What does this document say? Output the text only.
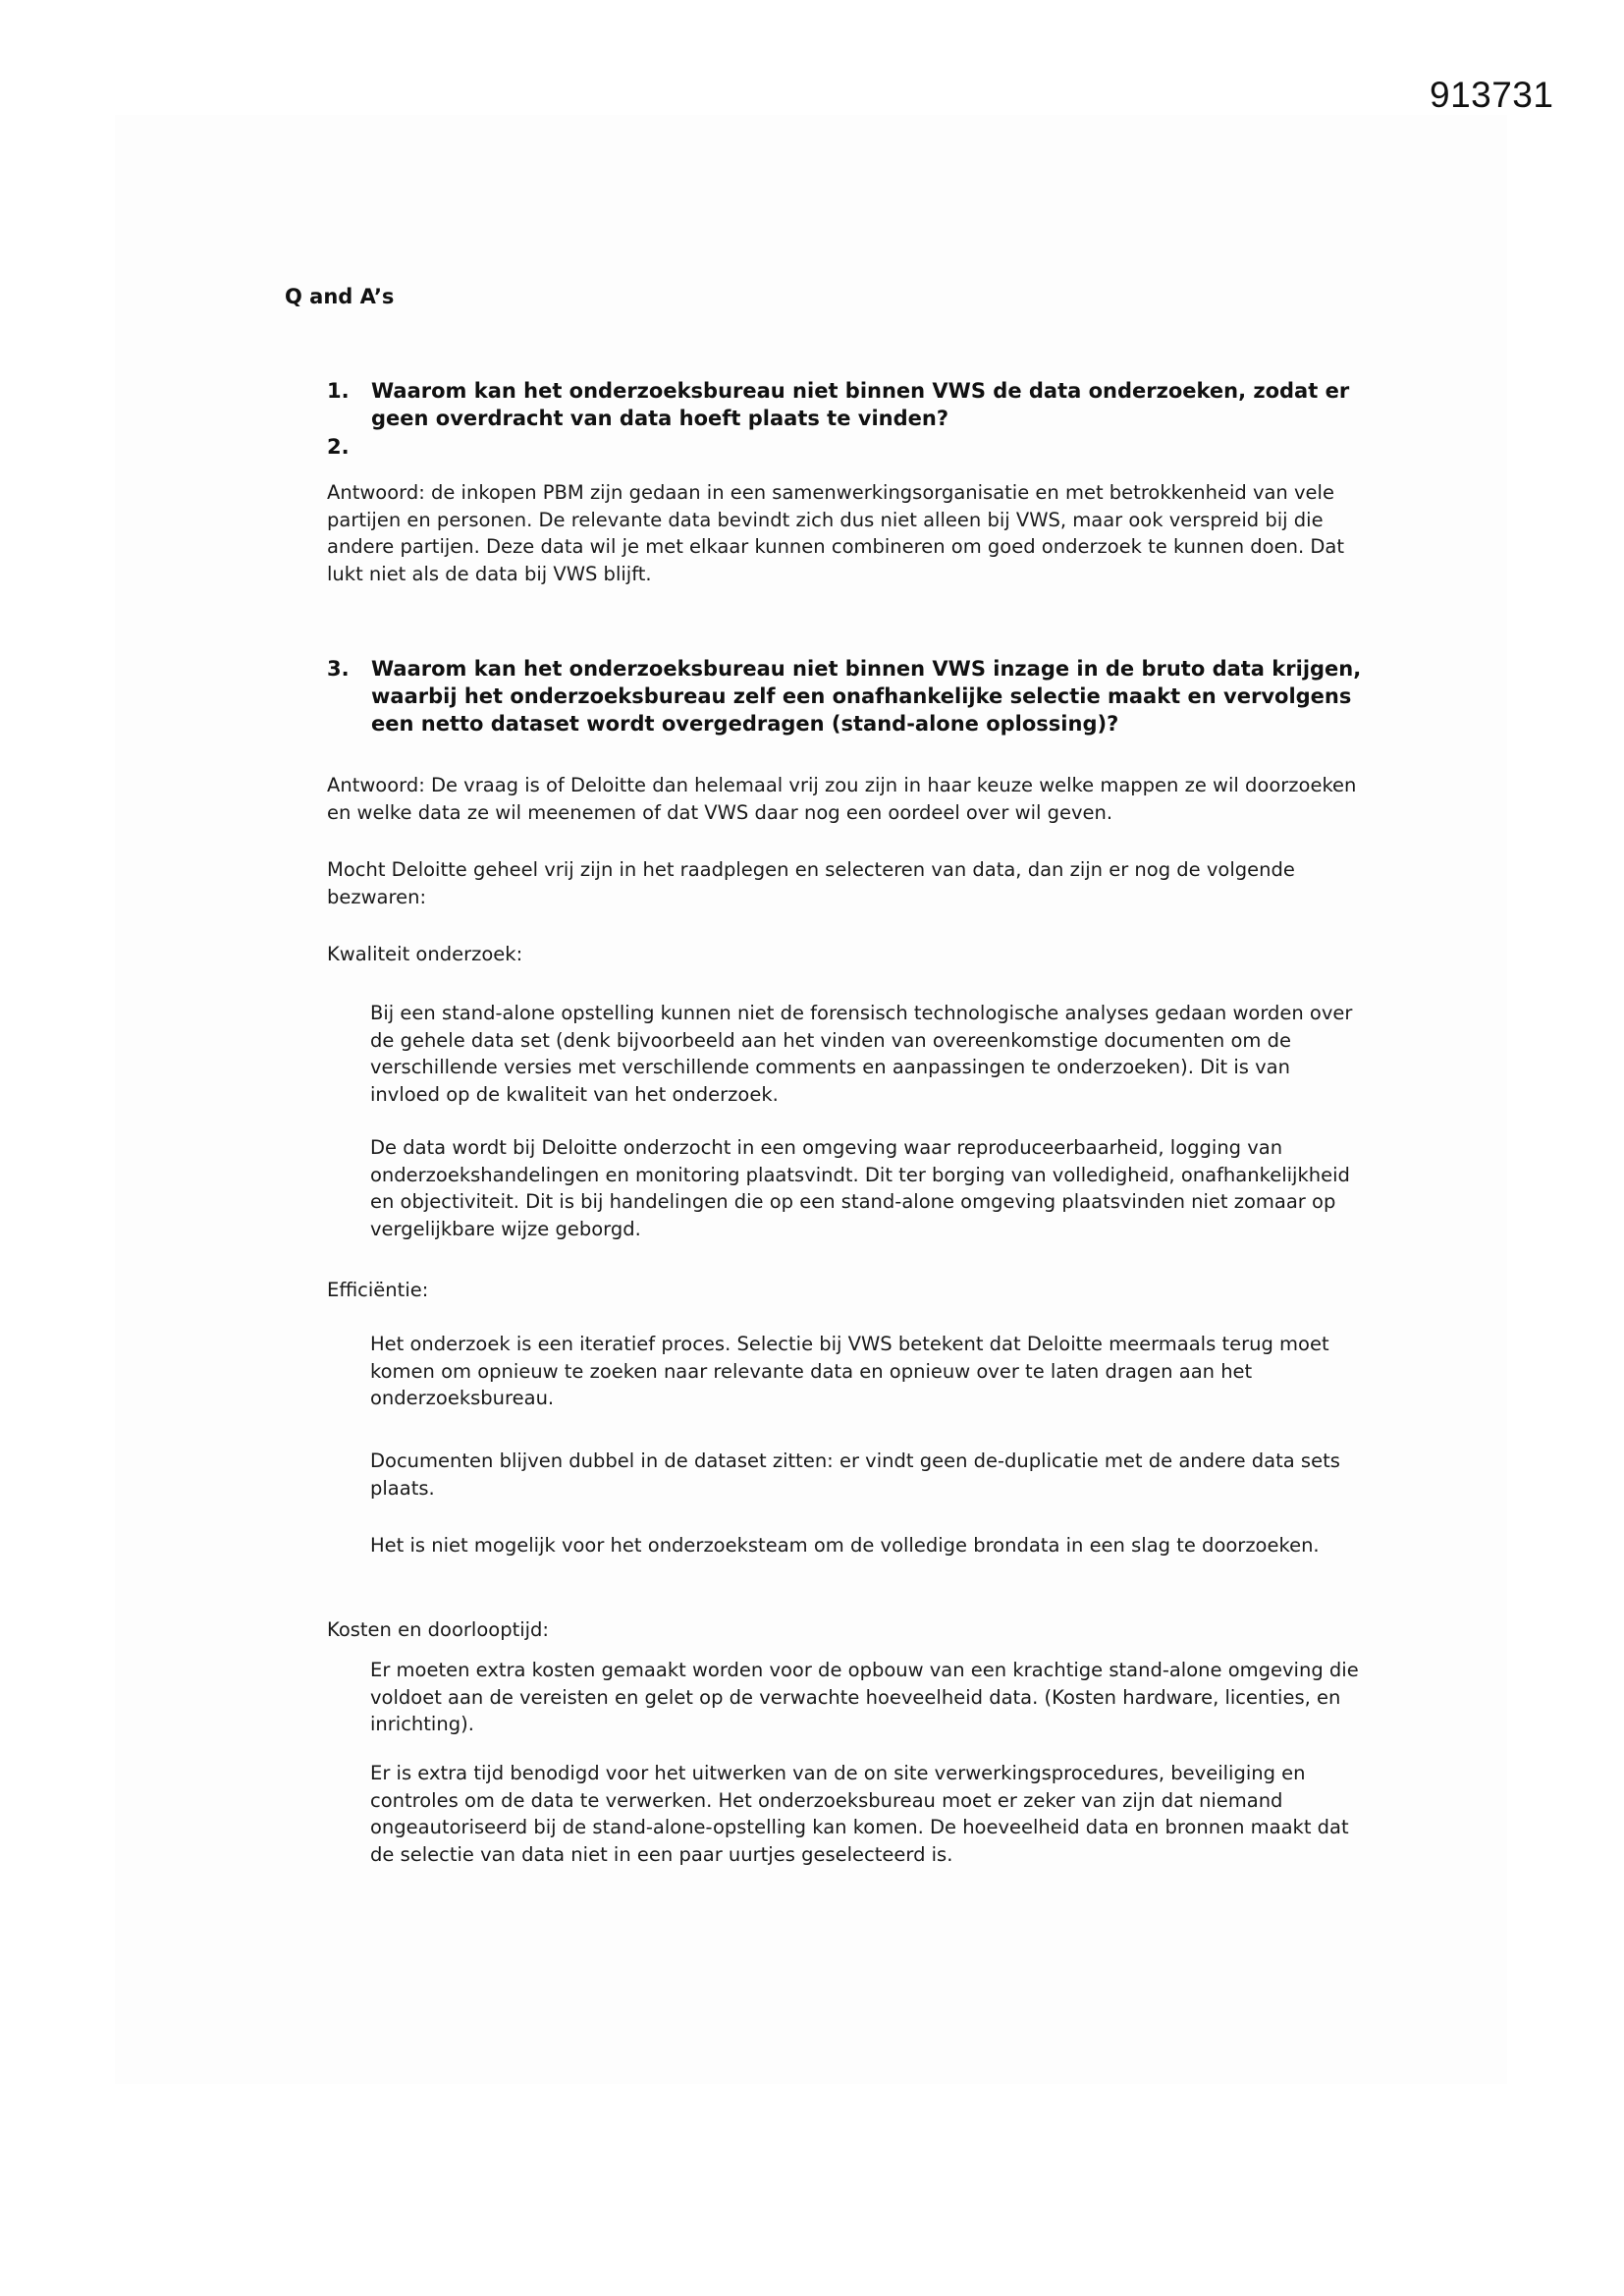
913731
Q and A’s
1. Waarom kan het onderzoeksbureau niet binnen VWS de data onderzoeken, zodat er geen overdracht van data hoeft plaats te vinden?
2.
Antwoord: de inkopen PBM zijn gedaan in een samenwerkingsorganisatie en met betrokkenheid van vele partijen en personen. De relevante data bevindt zich dus niet alleen bij VWS, maar ook verspreid bij die andere partijen. Deze data wil je met elkaar kunnen combineren om goed onderzoek te kunnen doen. Dat lukt niet als de data bij VWS blijft.
3. Waarom kan het onderzoeksbureau niet binnen VWS inzage in de bruto data krijgen, waarbij het onderzoeksbureau zelf een onafhankelijke selectie maakt en vervolgens een netto dataset wordt overgedragen (stand-alone oplossing)?
Antwoord: De vraag is of Deloitte dan helemaal vrij zou zijn in haar keuze welke mappen ze wil doorzoeken en welke data ze wil meenemen of dat VWS daar nog een oordeel over wil geven.
Mocht Deloitte geheel vrij zijn in het raadplegen en selecteren van data, dan zijn er nog de volgende bezwaren:
Kwaliteit onderzoek:
Bij een stand-alone opstelling kunnen niet de forensisch technologische analyses gedaan worden over de gehele data set (denk bijvoorbeeld aan het vinden van overeenkomstige documenten om de verschillende versies met verschillende comments en aanpassingen te onderzoeken). Dit is van invloed op de kwaliteit van het onderzoek.
De data wordt bij Deloitte onderzocht in een omgeving waar reproduceerbaarheid, logging van onderzoekshandelingen en monitoring plaatsvindt. Dit ter borging van volledigheid, onafhankelijkheid en objectiviteit. Dit is bij handelingen die op een stand-alone omgeving plaatsvinden niet zomaar op vergelijkbare wijze geborgd.
Efficiëntie:
Het onderzoek is een iteratief proces. Selectie bij VWS betekent dat Deloitte meermaals terug moet komen om opnieuw te zoeken naar relevante data en opnieuw over te laten dragen aan het onderzoeksbureau.
Documenten blijven dubbel in de dataset zitten: er vindt geen de-duplicatie met de andere data sets plaats.
Het is niet mogelijk voor het onderzoeksteam om de volledige brondata in een slag te doorzoeken.
Kosten en doorlooptijd:
Er moeten extra kosten gemaakt worden voor de opbouw van een krachtige stand-alone omgeving die voldoet aan de vereisten en gelet op de verwachte hoeveelheid data. (Kosten hardware, licenties, en inrichting).
Er is extra tijd benodigd voor het uitwerken van de on site verwerkingsprocedures, beveiliging en controles om de data te verwerken. Het onderzoeksbureau moet er zeker van zijn dat niemand ongeautoriseerd bij de stand-alone-opstelling kan komen. De hoeveelheid data en bronnen maakt dat de selectie van data niet in een paar uurtjes geselecteerd is.
